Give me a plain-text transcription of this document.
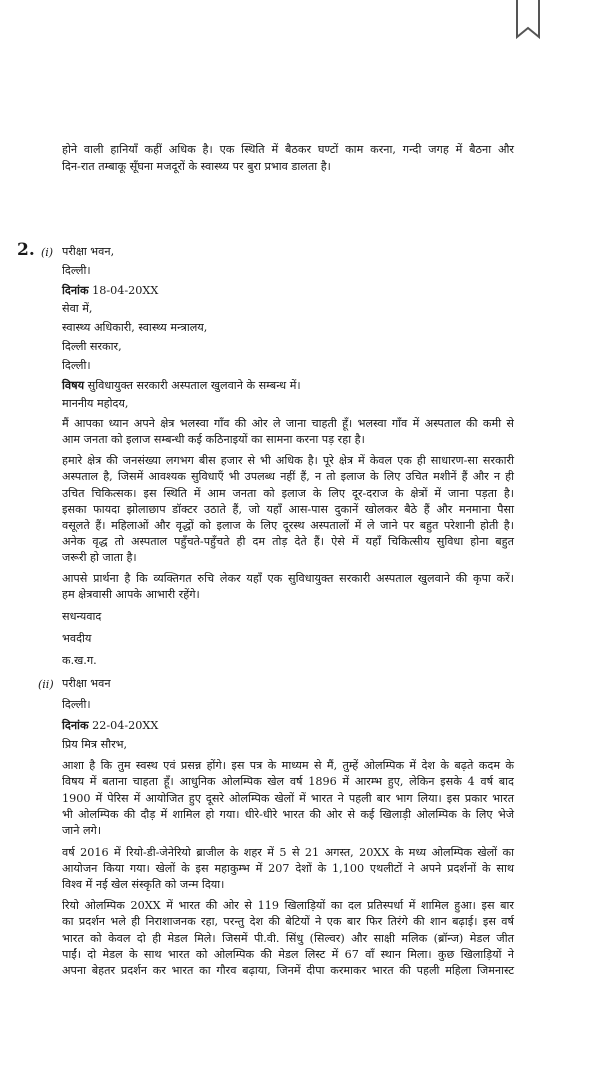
होने वाली हानियाँ कहीं अधिक है। एक स्थिति में बैठकर घण्टों काम करना, गन्दी जगह में बैठना और
दिन-रात तम्बाकू सूँघना मजदूरों के स्वास्थ्य पर बुरा प्रभाव डालता है।
2. (i) परीक्षा भवन,
दिल्ली।
दिनांक 18-04-20XX
सेवा में,
स्वास्थ्य अधिकारी, स्वास्थ्य मन्त्रालय,
दिल्ली सरकार,
दिल्ली।
विषय सुविधायुक्त सरकारी अस्पताल खुलवाने के सम्बन्ध में।
माननीय महोदय,
मैं आपका ध्यान अपने क्षेत्र भलस्वा गाँव की ओर ले जाना चाहती हूँ। भलस्वा गाँव में अस्पताल की कमी से
आम जनता को इलाज सम्बन्धी कई कठिनाइयों का सामना करना पड़ रहा है।
हमारे क्षेत्र की जनसंख्या लगभग बीस हजार से भी अधिक है। पूरे क्षेत्र में केवल एक ही साधारण-सा सरकारी
अस्पताल है, जिसमें आवश्यक सुविधाएँ भी उपलब्ध नहीं हैं, न तो इलाज के लिए उचित मशीनें हैं और न ही
उचित चिकित्सक। इस स्थिति में आम जनता को इलाज के लिए दूर-दराज के क्षेत्रों में जाना पड़ता है।
इसका फायदा झोलाछाप डॉक्टर उठाते हैं, जो यहाँ आस-पास दुकानें खोलकर बैठे हैं और मनमाना पैसा
वसूलते हैं। महिलाओं और वृद्धों को इलाज के लिए दूरस्थ अस्पतालों में ले जाने पर बहुत परेशानी होती है।
अनेक वृद्ध तो अस्पताल पहुँचते-पहुँचते ही दम तोड़ देते हैं। ऐसे में यहाँ चिकित्सीय सुविधा होना बहुत
जरूरी हो जाता है।
आपसे प्रार्थना है कि व्यक्तिगत रुचि लेकर यहाँ एक सुविधायुक्त सरकारी अस्पताल खुलवाने की कृपा करें।
हम क्षेत्रवासी आपके आभारी रहेंगे।
सधन्यवाद
भवदीय
क.ख.ग.
(ii) परीक्षा भवन
दिल्ली।
दिनांक 22-04-20XX
प्रिय मित्र सौरभ,
आशा है कि तुम स्वस्थ एवं प्रसन्न होंगे। इस पत्र के माध्यम से मैं, तुम्हें ओलम्पिक में देश के बढ़ते कदम के
विषय में बताना चाहता हूँ। आधुनिक ओलम्पिक खेल वर्ष 1896 में आरम्भ हुए, लेकिन इसके 4 वर्ष बाद
1900 में पेरिस में आयोजित हुए दूसरे ओलम्पिक खेलों में भारत ने पहली बार भाग लिया। इस प्रकार भारत
भी ओलम्पिक की दौड़ में शामिल हो गया। धीरे-धीरे भारत की ओर से कई खिलाड़ी ओलम्पिक के लिए भेजे
जाने लगे।
वर्ष 2016 में रियो-डी-जेनेरियो ब्राजील के शहर में 5 से 21 अगस्त, 20XX के मध्य ओलम्पिक खेलों का
आयोजन किया गया। खेलों के इस महाकुम्भ में 207 देशों के 1,100 एथलीटों ने अपने प्रदर्शनों के साथ
विश्व में नई खेल संस्कृति को जन्म दिया।
रियो ओलम्पिक 20XX में भारत की ओर से 119 खिलाड़ियों का दल प्रतिस्पर्धा में शामिल हुआ। इस बार
का प्रदर्शन भले ही निराशाजनक रहा, परन्तु देश की बेटियों ने एक बार फिर तिरंगे की शान बढ़ाई। इस वर्ष
भारत को केवल दो ही मेडल मिले। जिसमें पी.वी. सिंधु (सिल्वर) और साक्षी मलिक (ब्रॉन्ज) मेडल जीत
पाईं। दो मेडल के साथ भारत को ओलम्पिक की मेडल लिस्ट में 67 वाँ स्थान मिला। कुछ खिलाड़ियों ने
अपना बेहतर प्रदर्शन कर भारत का गौरव बढ़ाया, जिनमें दीपा करमाकर भारत की पहली महिला जिमनास्ट
